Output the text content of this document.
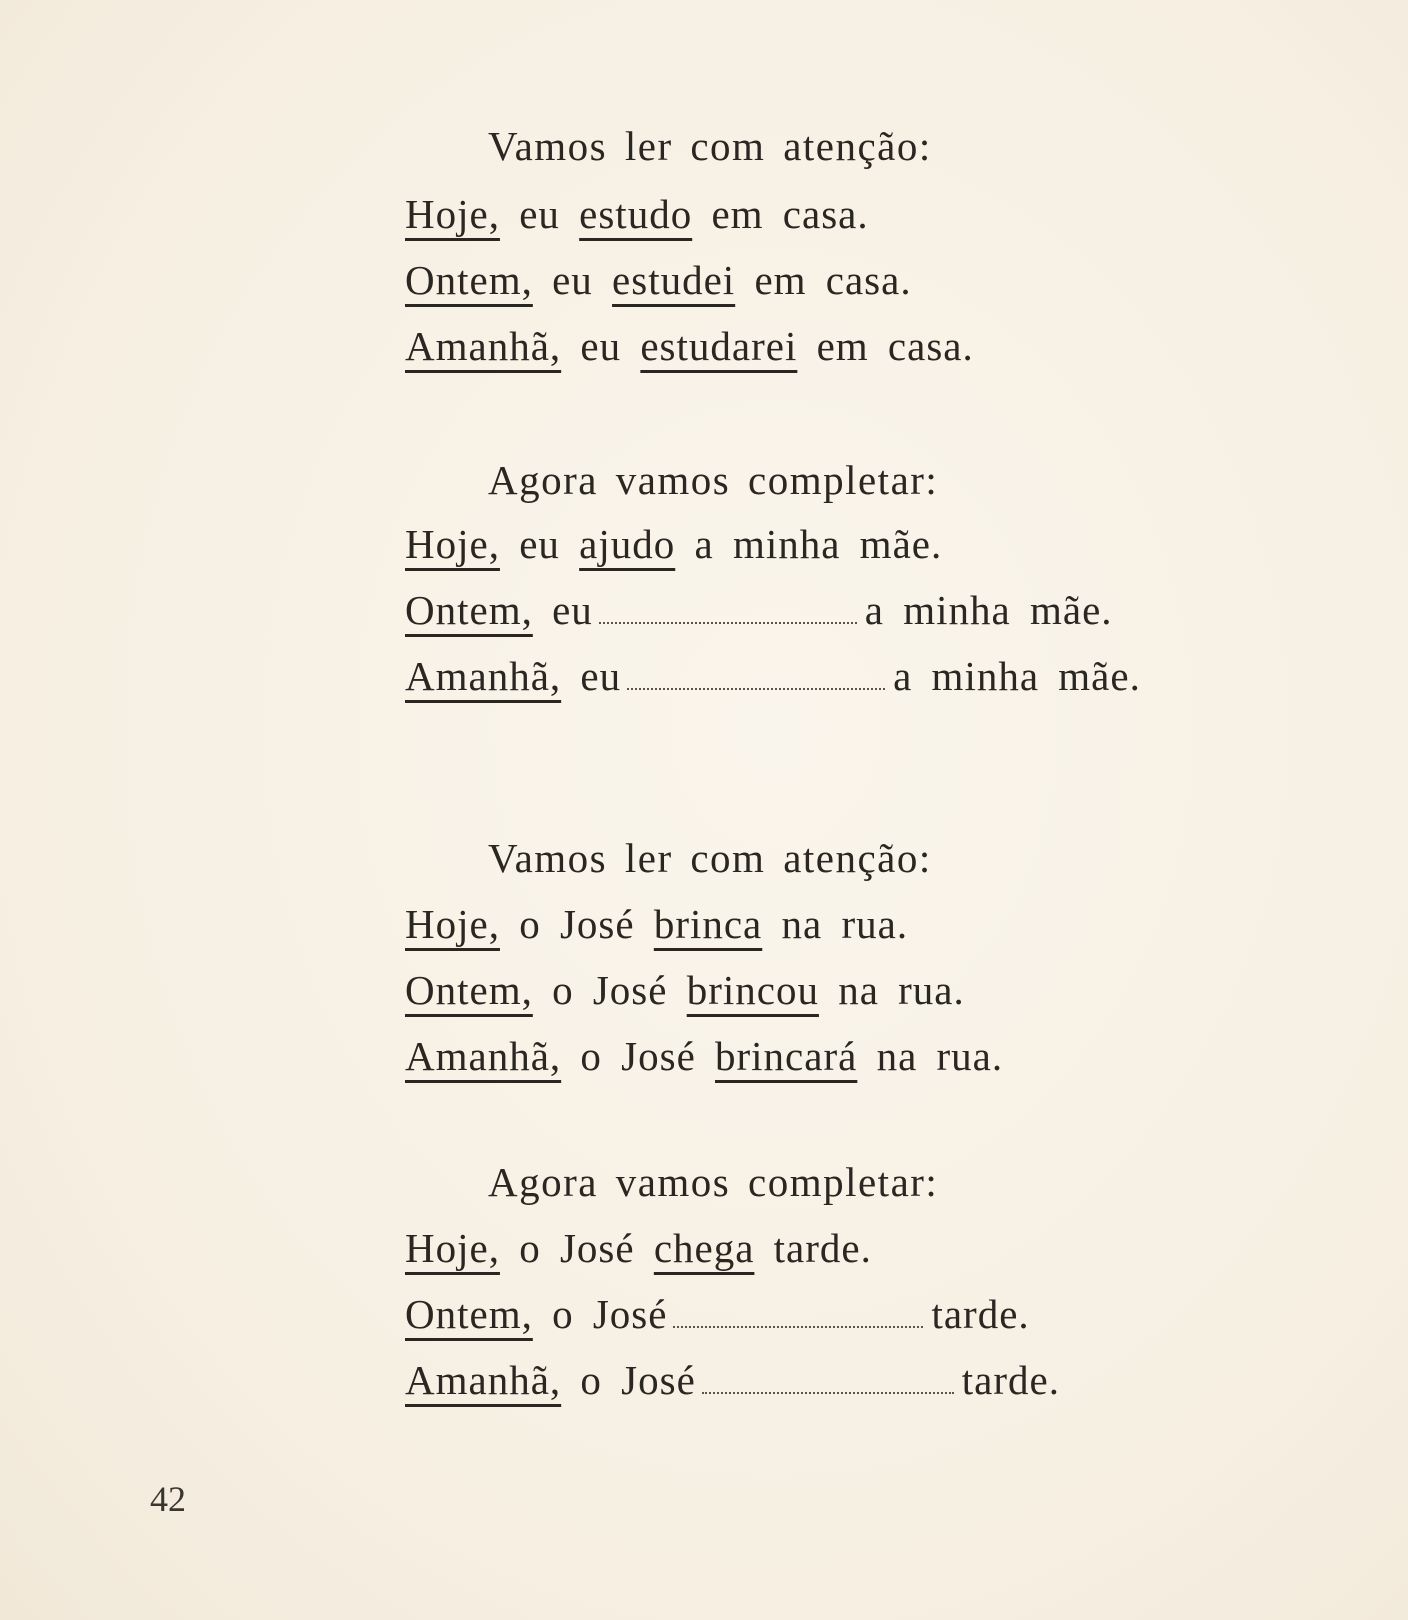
Vamos ler com atenção:
Hoje, eu estudo em casa.
Ontem, eu estudei em casa.
Amanhã, eu estudarei em casa.
Agora vamos completar:
Hoje, eu ajudo a minha mãe.
Ontem, eu	a minha mãe.
Amanhã, eu	a minha mãe.
Vamos ler com atenção:
Hoje, o José brinca na rua.
Ontem, o José brincou na rua.
Amanhã, o José brincará na rua.
Agora vamos completar:
Hoje, o José chega tarde.
Ontem, o José	tarde.
Amanhã, o José	tarde.
42
